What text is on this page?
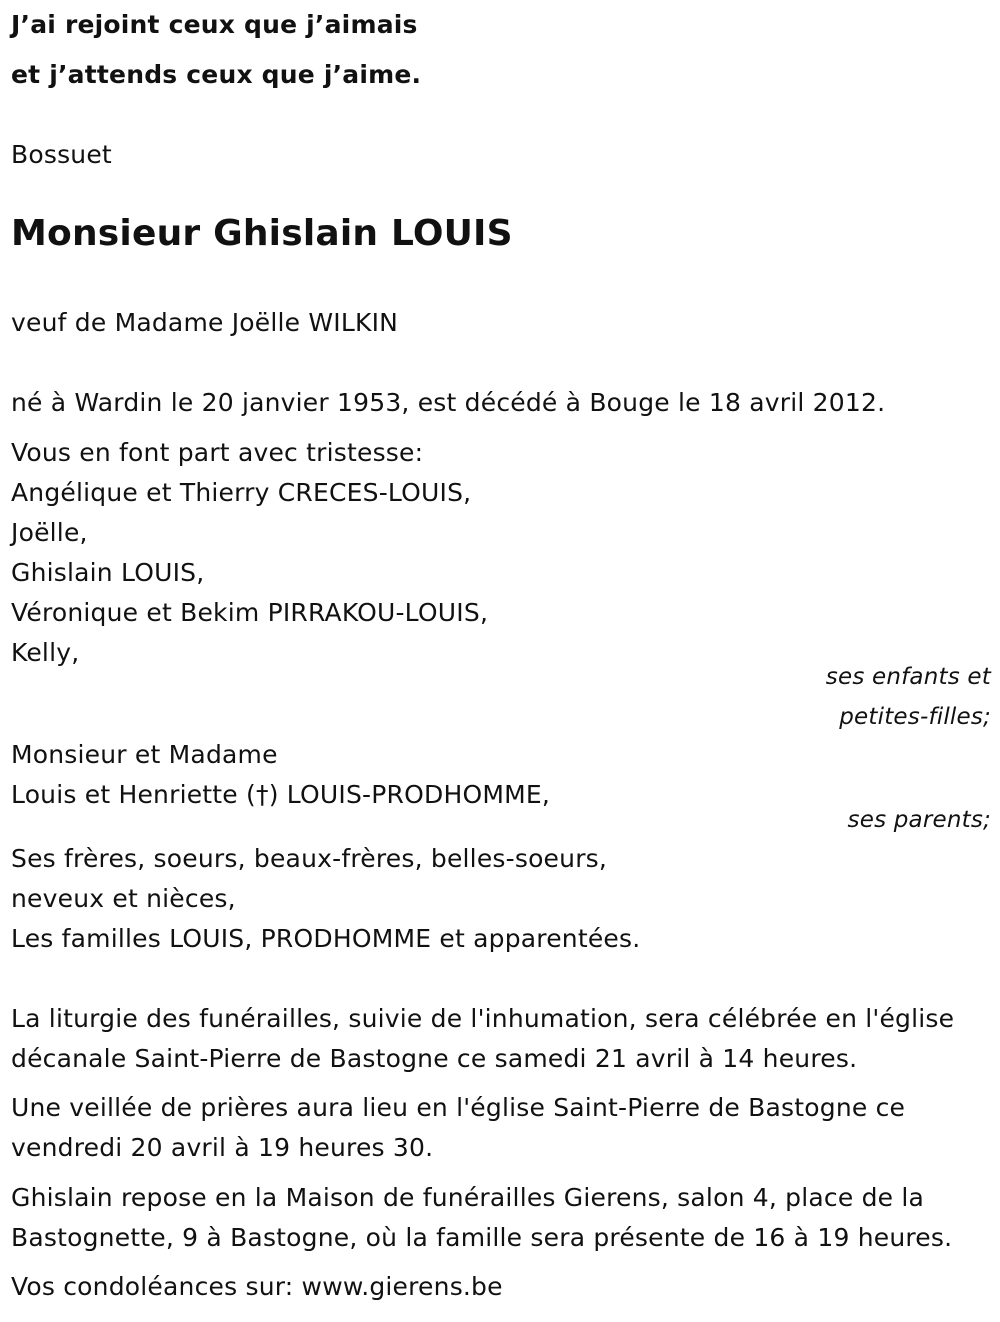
J’ai rejoint ceux que j’aimais
et j’attends ceux que j’aime.
Bossuet
Monsieur Ghislain LOUIS
veuf de Madame Joëlle WILKIN
né à Wardin le 20 janvier 1953, est décédé à Bouge le 18 avril 2012.
Vous en font part avec tristesse:
Angélique et Thierry CRECES-LOUIS,
Joëlle,
Ghislain LOUIS,
Véronique et Bekim PIRRAKOU-LOUIS,
Kelly,
ses enfants et
petites-filles;
Monsieur et Madame
Louis et Henriette (†) LOUIS-PRODHOMME,
ses parents;
Ses frères, soeurs, beaux-frères, belles-soeurs,
neveux et nièces,
Les familles LOUIS, PRODHOMME et apparentées.
La liturgie des funérailles, suivie de l'inhumation, sera célébrée en l'église
décanale Saint-Pierre de Bastogne ce samedi 21 avril à 14 heures.
Une veillée de prières aura lieu en l'église Saint-Pierre de Bastogne ce
vendredi 20 avril à 19 heures 30.
Ghislain repose en la Maison de funérailles Gierens, salon 4, place de la
Bastognette, 9 à Bastogne, où la famille sera présente de 16 à 19 heures.
Vos condoléances sur: www.gierens.be
